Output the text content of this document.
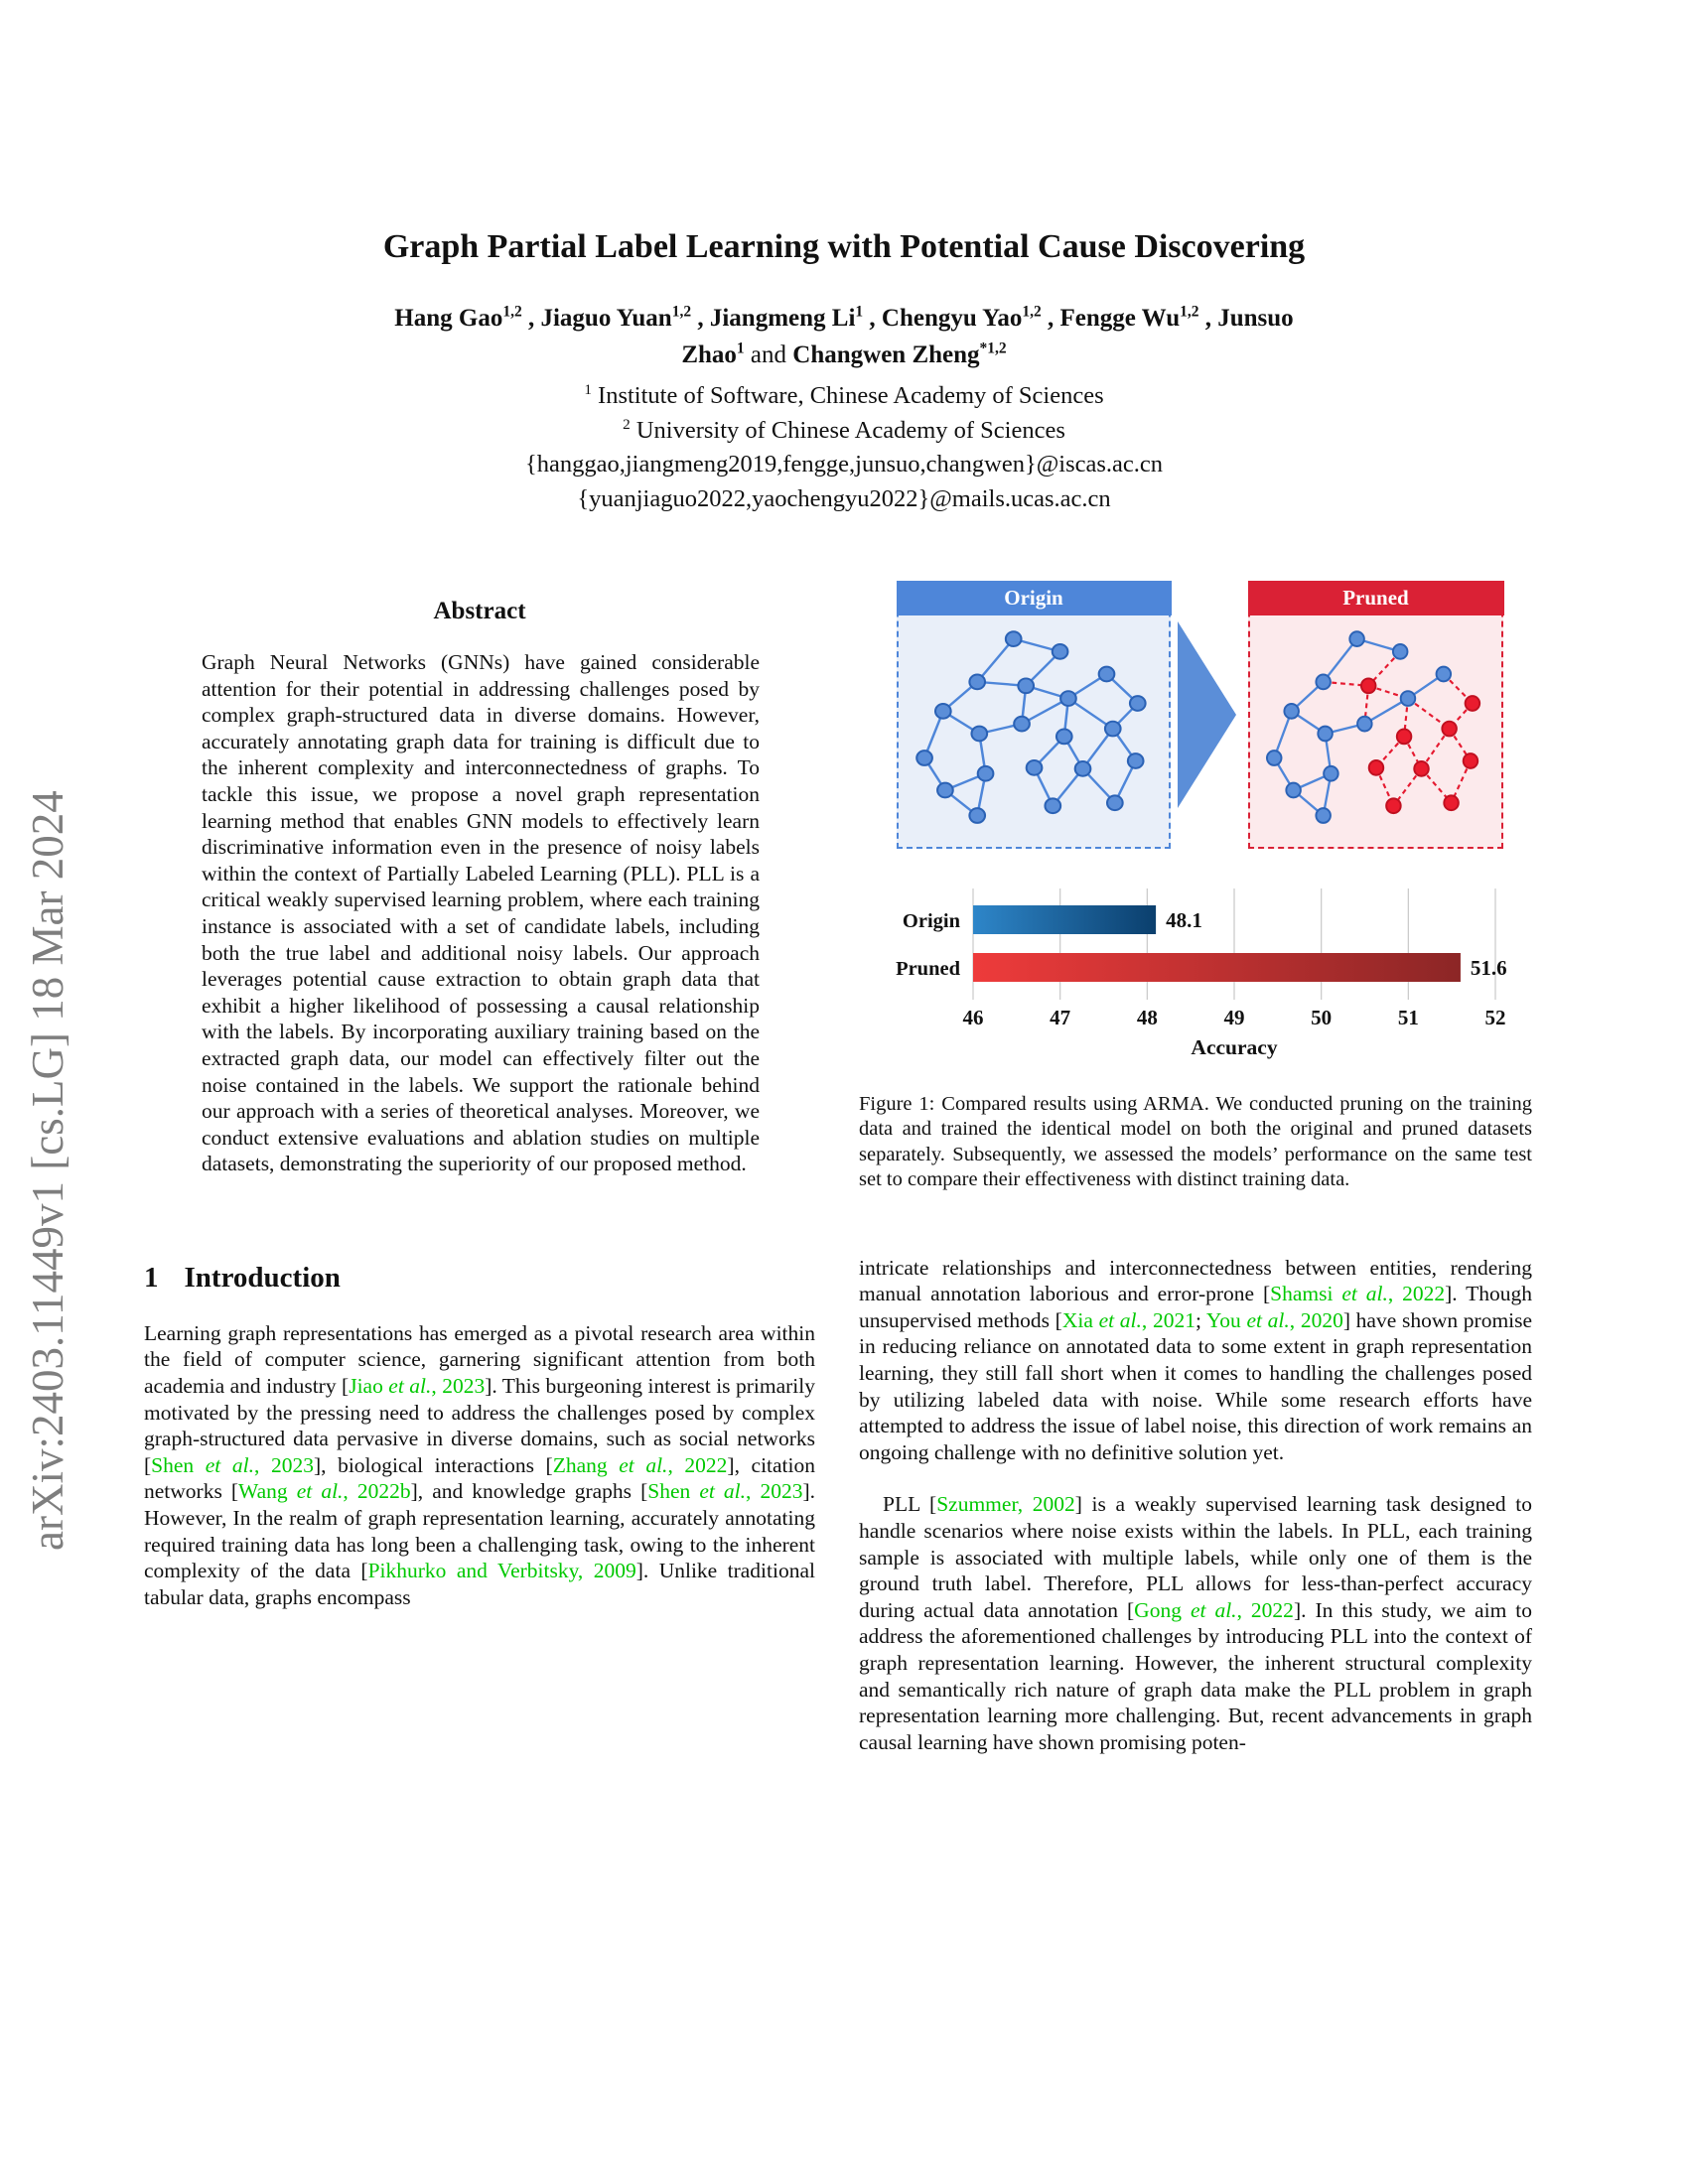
arXiv:2403.11449v1 [cs.LG] 18 Mar 2024
Graph Partial Label Learning with Potential Cause Discovering
Hang Gao$^{1,2}$ , Jiaguo Yuan$^{1,2}$ , Jiangmeng Li$^1$ , Chengyu Yao$^{1,2}$ , Fengge Wu$^{1,2}$ , Junsuo
Zhao$^1$ and Changwen Zheng$^{*1,2}$
$^1$ Institute of Software, Chinese Academy of Sciences
$^2$ University of Chinese Academy of Sciences
{hanggao,jiangmeng2019,fengge,junsuo,changwen}@iscas.ac.cn
{yuanjiaguo2022,yaochengyu2022}@mails.ucas.ac.cn
Abstract
Graph Neural Networks (GNNs) have gained considerable attention for their potential in addressing challenges posed by complex graph-structured data in diverse domains. However, accurately annotating graph data for training is difficult due to the inherent complexity and interconnectedness of graphs. To tackle this issue, we propose a novel graph representation learning method that enables GNN models to effectively learn discriminative information even in the presence of noisy labels within the context of Partially Labeled Learning (PLL). PLL is a critical weakly supervised learning problem, where each training instance is associated with a set of candidate labels, including both the true label and additional noisy labels. Our approach leverages potential cause extraction to obtain graph data that exhibit a higher likelihood of possessing a causal relationship with the labels. By incorporating auxiliary training based on the extracted graph data, our model can effectively filter out the noise contained in the labels. We support the rationale behind our approach with a series of theoretical analyses. Moreover, we conduct extensive evaluations and ablation studies on multiple datasets, demonstrating the superiority of our proposed method.
1 Introduction
Learning graph representations has emerged as a pivotal research area within the field of computer science, garnering significant attention from both academia and industry [Jiao et al., 2023]. This burgeoning interest is primarily motivated by the pressing need to address the challenges posed by complex graph-structured data pervasive in diverse domains, such as social networks [Shen et al., 2023], biological interactions [Zhang et al., 2022], citation networks [Wang et al., 2022b], and knowledge graphs [Shen et al., 2023]. However, In the realm of graph representation learning, accurately annotating required training data has long been a challenging task, owing to the inherent complexity of the data [Pikhurko and Verbitsky, 2009]. Unlike traditional tabular data, graphs encompass
Origin	Pruned
46	47	48	49	50	51	52
48.1
Origin
51.6
Pruned
Accuracy
Figure 1: Compared results using ARMA. We conducted pruning on the training data and trained the identical model on both the original and pruned datasets separately. Subsequently, we assessed the models’ performance on the same test set to compare their effectiveness with distinct training data.
intricate relationships and interconnectedness between entities, rendering manual annotation laborious and error-prone [Shamsi et al., 2022]. Though unsupervised methods [Xia et al., 2021; You et al., 2020] have shown promise in reducing reliance on annotated data to some extent in graph representation learning, they still fall short when it comes to handling the challenges posed by utilizing labeled data with noise. While some research efforts have attempted to address the issue of label noise, this direction of work remains an ongoing challenge with no definitive solution yet.
PLL [Szummer, 2002] is a weakly supervised learning task designed to handle scenarios where noise exists within the labels. In PLL, each training sample is associated with multiple labels, while only one of them is the ground truth label. Therefore, PLL allows for less-than-perfect accuracy during actual data annotation [Gong et al., 2022]. In this study, we aim to address the aforementioned challenges by introducing PLL into the context of graph representation learning. However, the inherent structural complexity and semantically rich nature of graph data make the PLL problem in graph representation learning more challenging. But, recent advancements in graph causal learning have shown promising poten-
